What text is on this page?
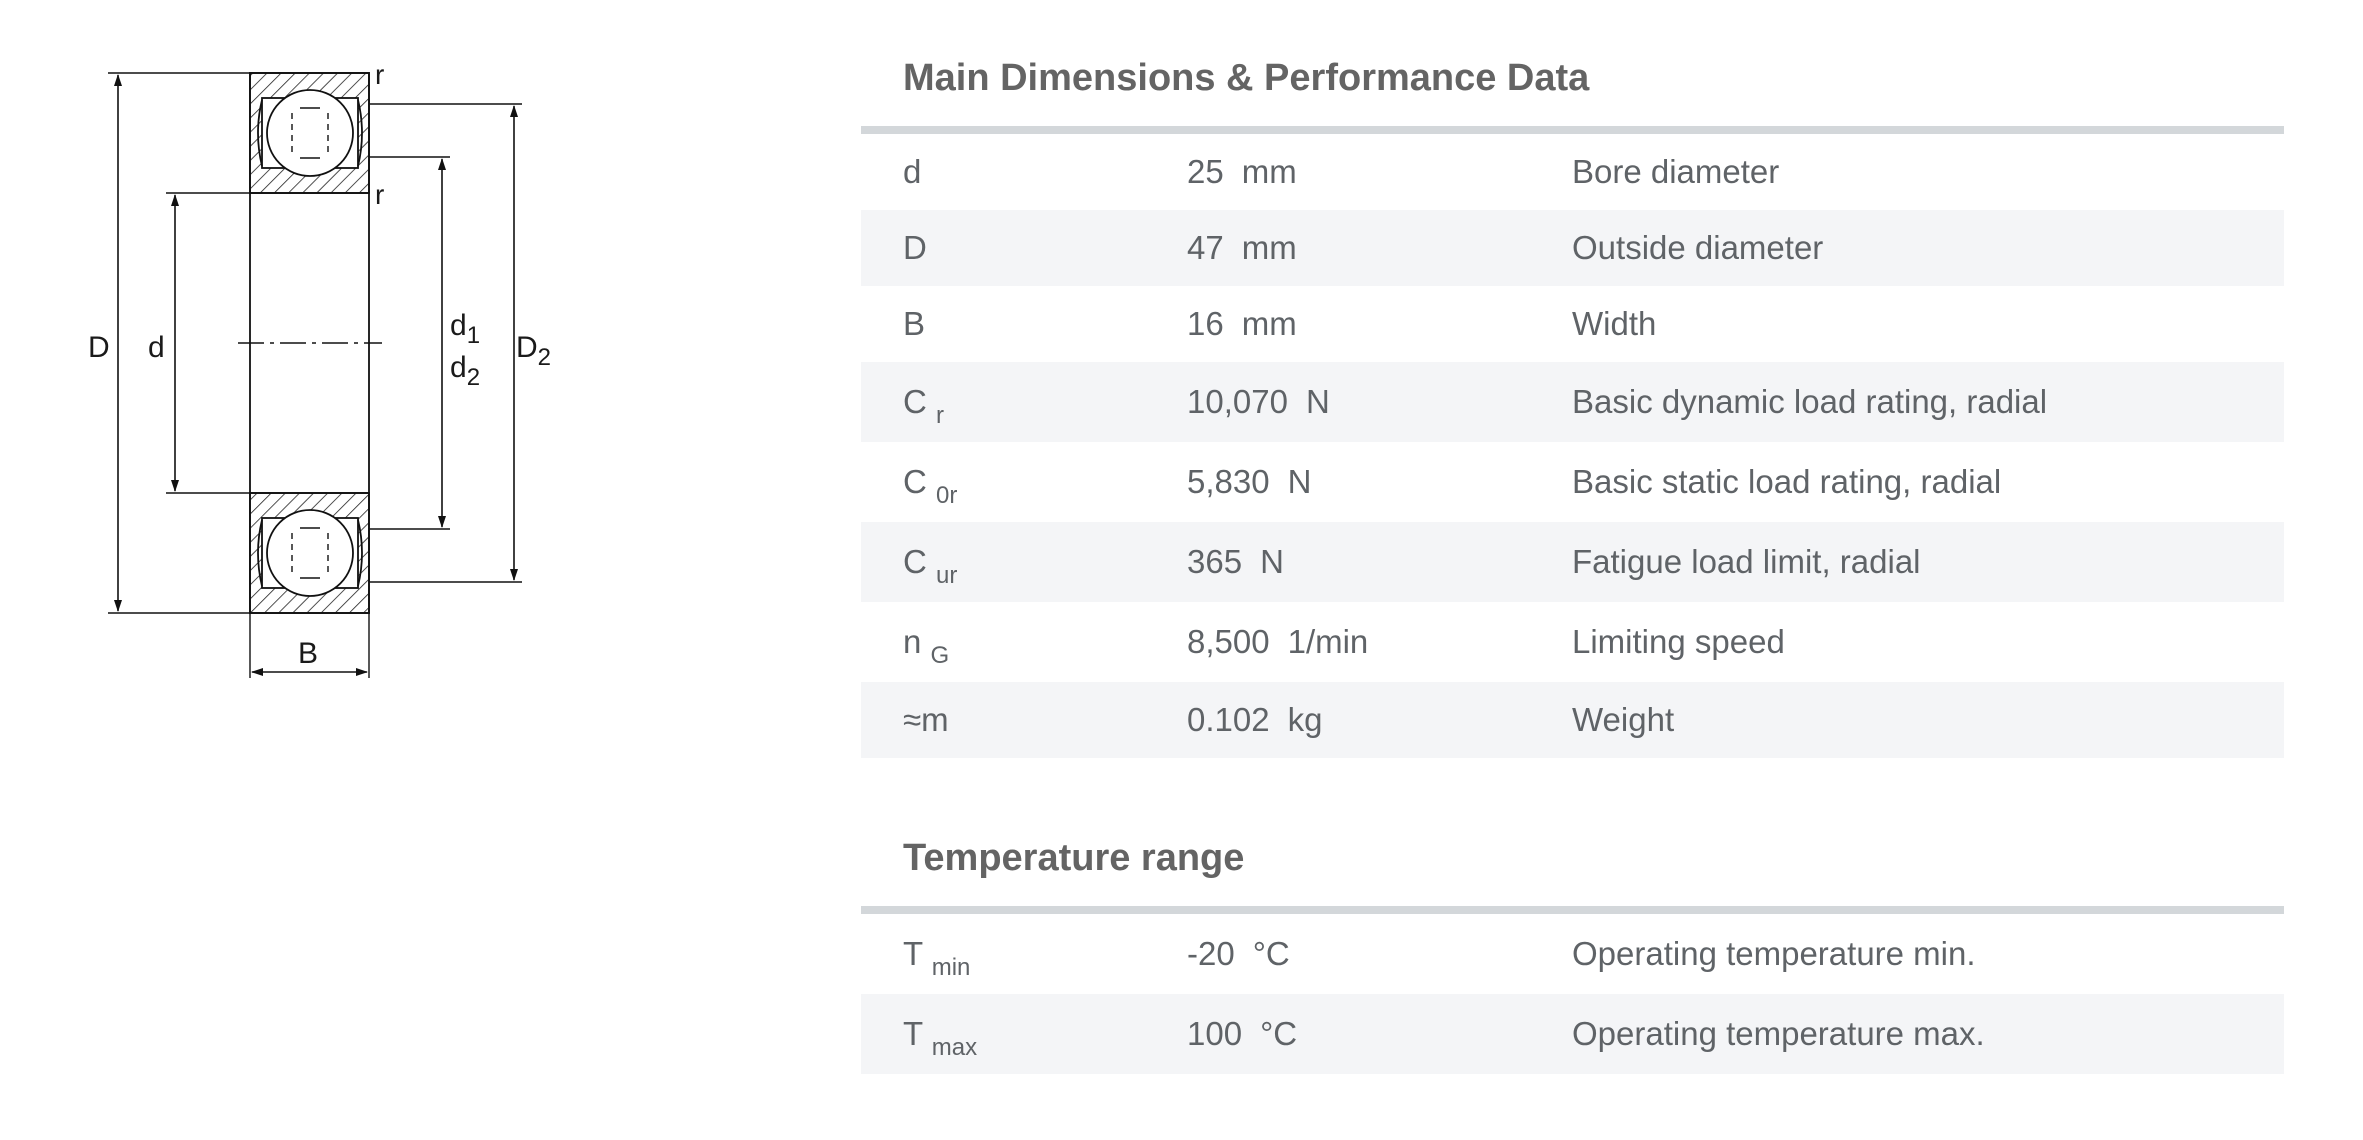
D d
$d_1$
$d_2$
$D_2$
r
r
B
Main Dimensions & Performance Data
d	25 mm	Bore diameter
D	47 mm	Outside diameter
B	16 mm	Width
C $_r$	10,070 N	Basic dynamic load rating, radial
C $_{0r}$	5,830 N	Basic static load rating, radial
C $_{ur}$	365 N	Fatigue load limit, radial
n $_G$	8,500 1/min	Limiting speed
≈m	0.102 kg	Weight
Temperature range
T $_{min}$	-20 °C	Operating temperature min.
T $_{max}$	100 °C	Operating temperature max.
